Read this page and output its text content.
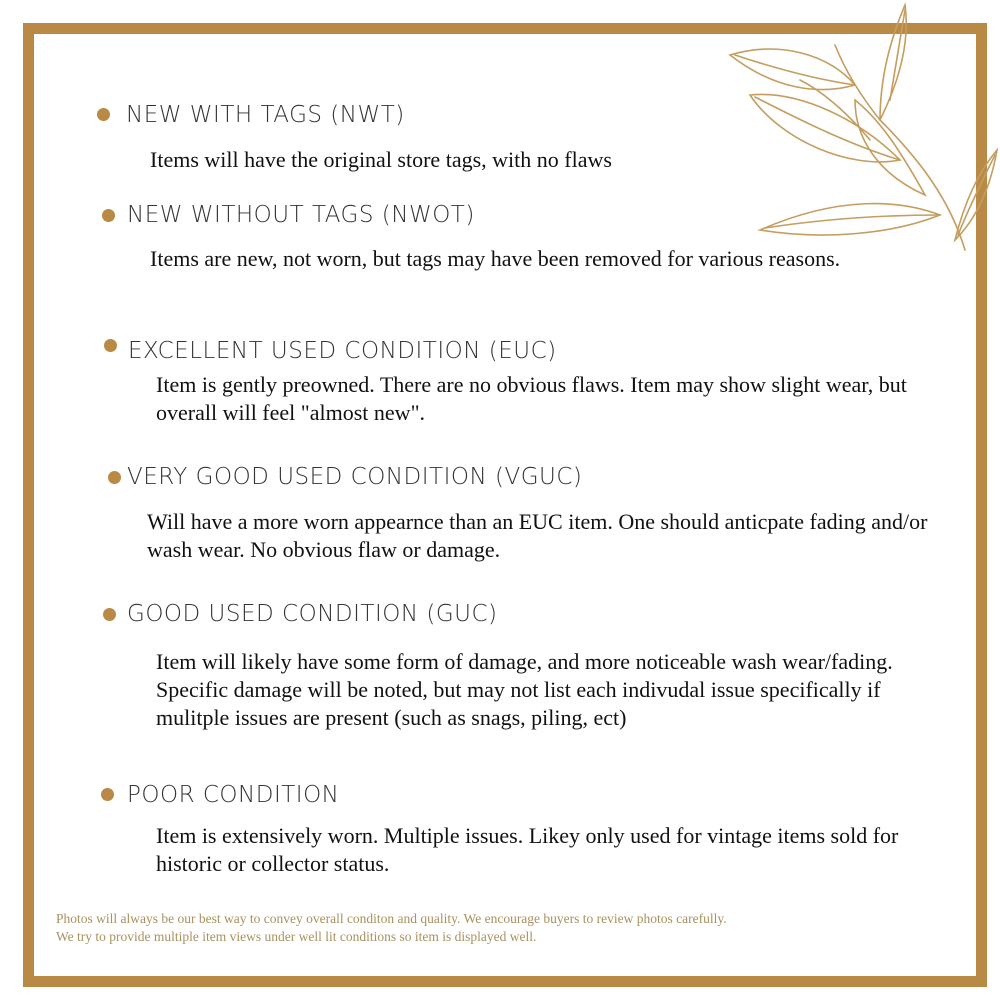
NEW WITH TAGS (NWT)
Items will have the original store tags, with no flaws
NEW WITHOUT TAGS (NWOT)
Items are new, not worn, but tags may have been removed for various reasons.
EXCELLENT USED CONDITION (EUC)
Item is gently preowned. There are no obvious flaws. Item may show slight wear, but overall will feel "almost new".
VERY GOOD USED CONDITION (VGUC)
Will have a more worn appearnce than an EUC item. One should anticpate fading and/or wash wear. No obvious flaw or damage.
GOOD USED CONDITION (GUC)
Item will likely have some form of damage, and more noticeable wash wear/fading. Specific damage will be noted, but may not list each indivudal issue specifically if mulitple issues are present (such as snags, piling, ect)
POOR CONDITION
Item is extensively worn. Multiple issues. Likey only used for vintage items sold for historic or collector status.
Photos will always be our best way to convey overall conditon and quality. We encourage buyers to review photos carefully.
We try to provide multiple item views under well lit conditions so item is displayed well.
